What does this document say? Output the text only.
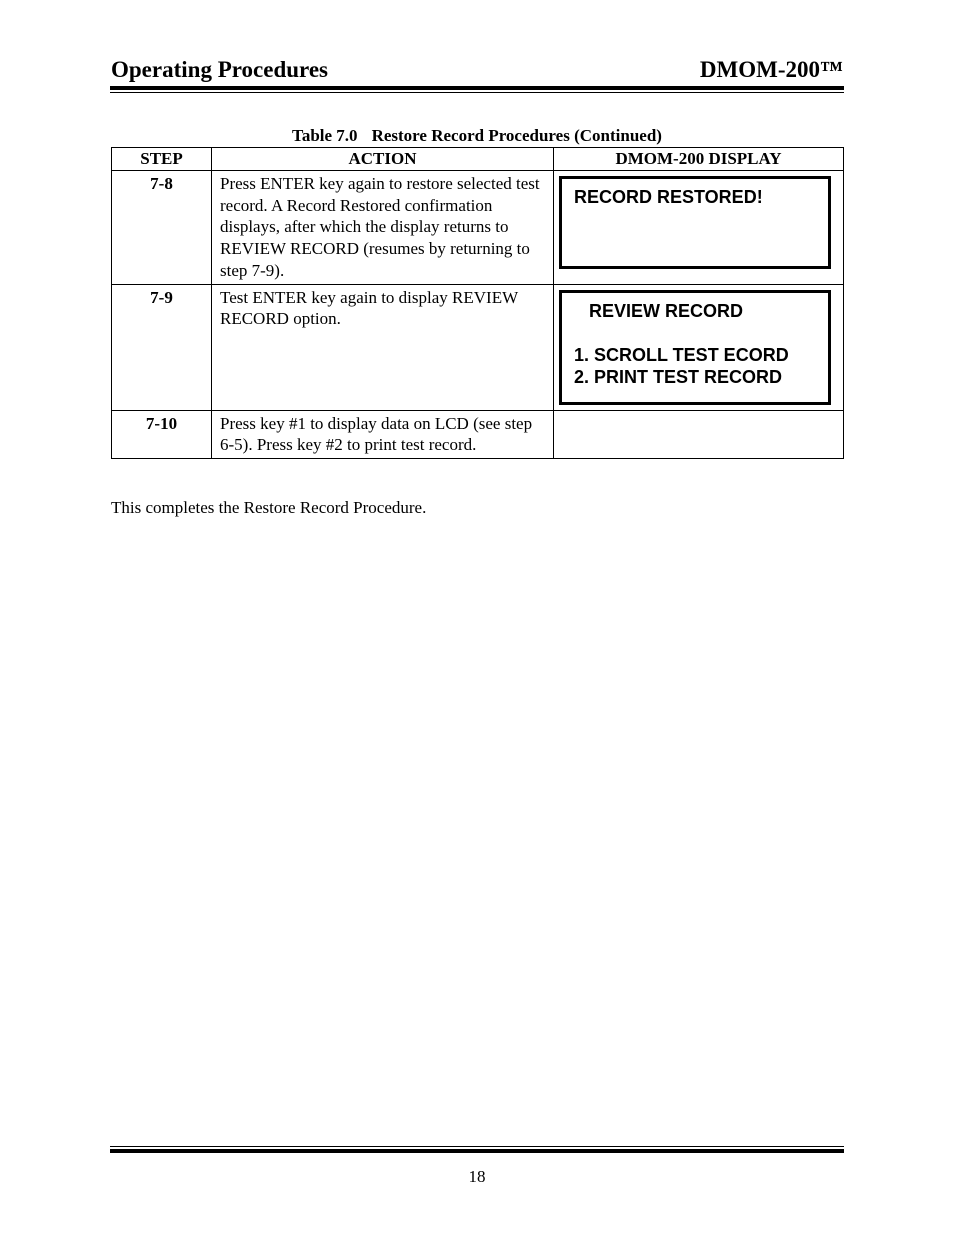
Operating Procedures	DMOM-200™
Table 7.0 Restore Record Procedures (Continued)
STEP	ACTION	DMOM-200 DISPLAY
7-8	Press ENTER key again to restore selected test record. A Record Restored confirmation displays, after which the display returns to REVIEW RECORD (resumes by returning to step 7-9).	RECORD RESTORED!

7-9	Test ENTER key again to display REVIEW RECORD option.	REVIEW RECORD

1. SCROLL TEST ECORD
2. PRINT TEST RECORD

7-10	Press key #1 to display data on LCD (see step 6-5). Press key #2 to print test record.	
This completes the Restore Record Procedure.
18
